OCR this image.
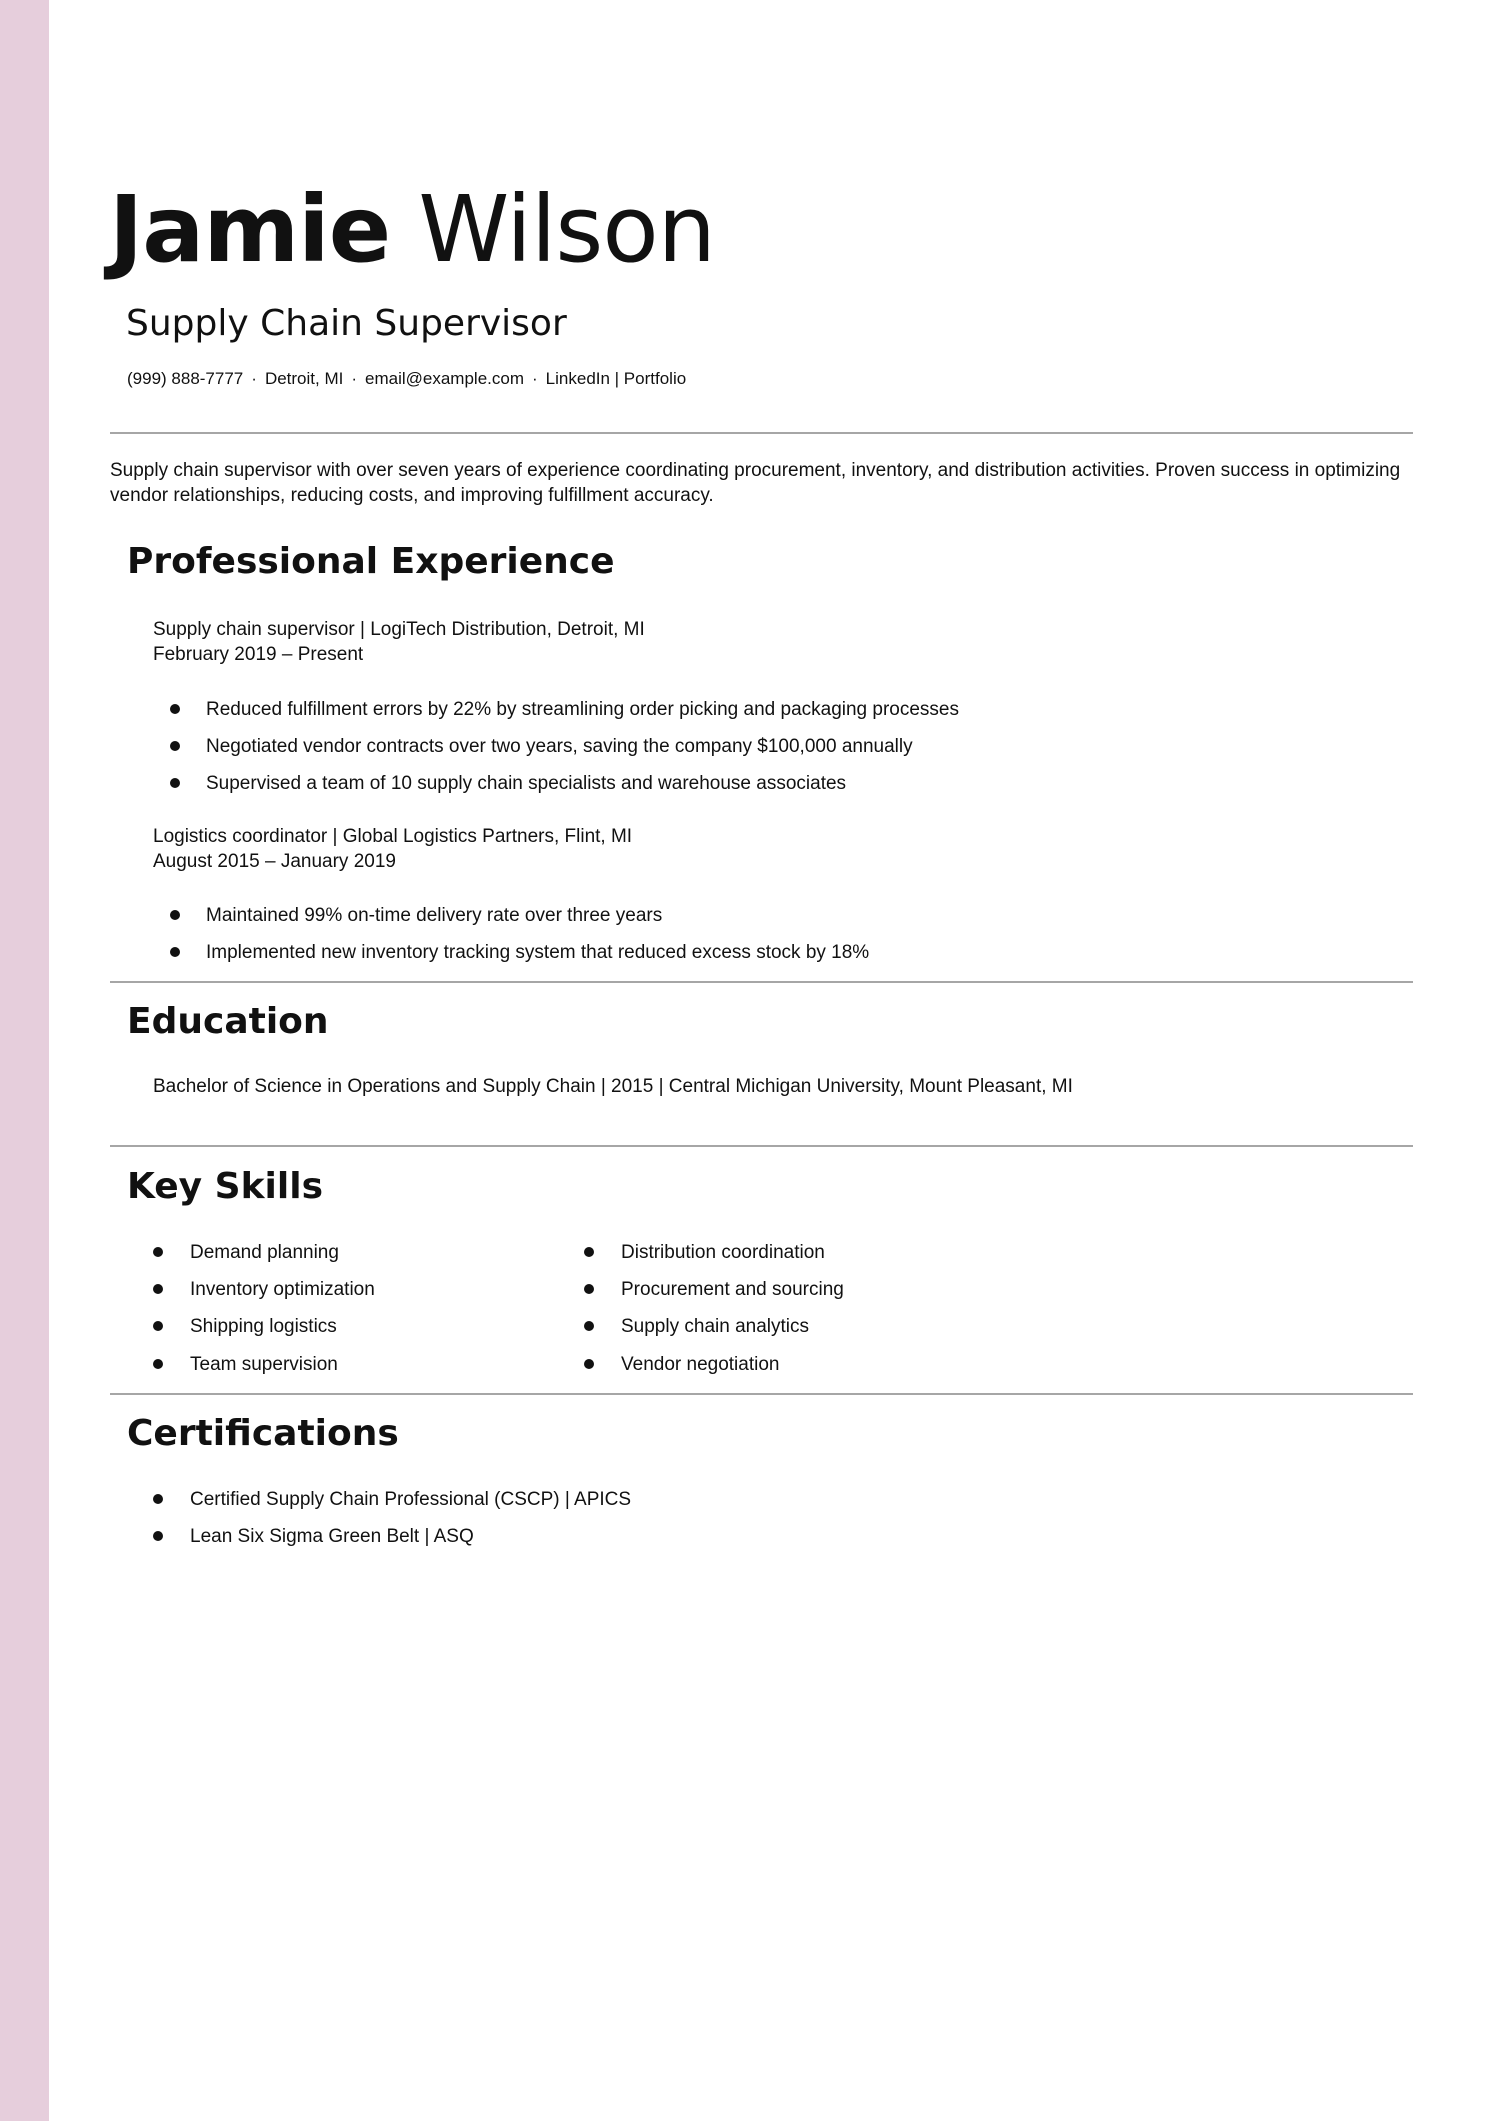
Jamie Wilson
Supply Chain Supervisor
(999) 888-7777 · Detroit, MI · email@example.com · LinkedIn | Portfolio
Supply chain supervisor with over seven years of experience coordinating procurement, inventory, and distribution activities. Proven success in optimizing vendor relationships, reducing costs, and improving fulfillment accuracy.
Professional Experience
Supply chain supervisor | LogiTech Distribution, Detroit, MI
February 2019 – Present
Reduced fulfillment errors by 22% by streamlining order picking and packaging processes
Negotiated vendor contracts over two years, saving the company $100,000 annually
Supervised a team of 10 supply chain specialists and warehouse associates
Logistics coordinator | Global Logistics Partners, Flint, MI
August 2015 – January 2019
Maintained 99% on-time delivery rate over three years
Implemented new inventory tracking system that reduced excess stock by 18%
Education
Bachelor of Science in Operations and Supply Chain | 2015 | Central Michigan University, Mount Pleasant, MI
Key Skills
Demand planning
Inventory optimization
Shipping logistics
Team supervision
Distribution coordination
Procurement and sourcing
Supply chain analytics
Vendor negotiation
Certifications
Certified Supply Chain Professional (CSCP) | APICS
Lean Six Sigma Green Belt | ASQ
